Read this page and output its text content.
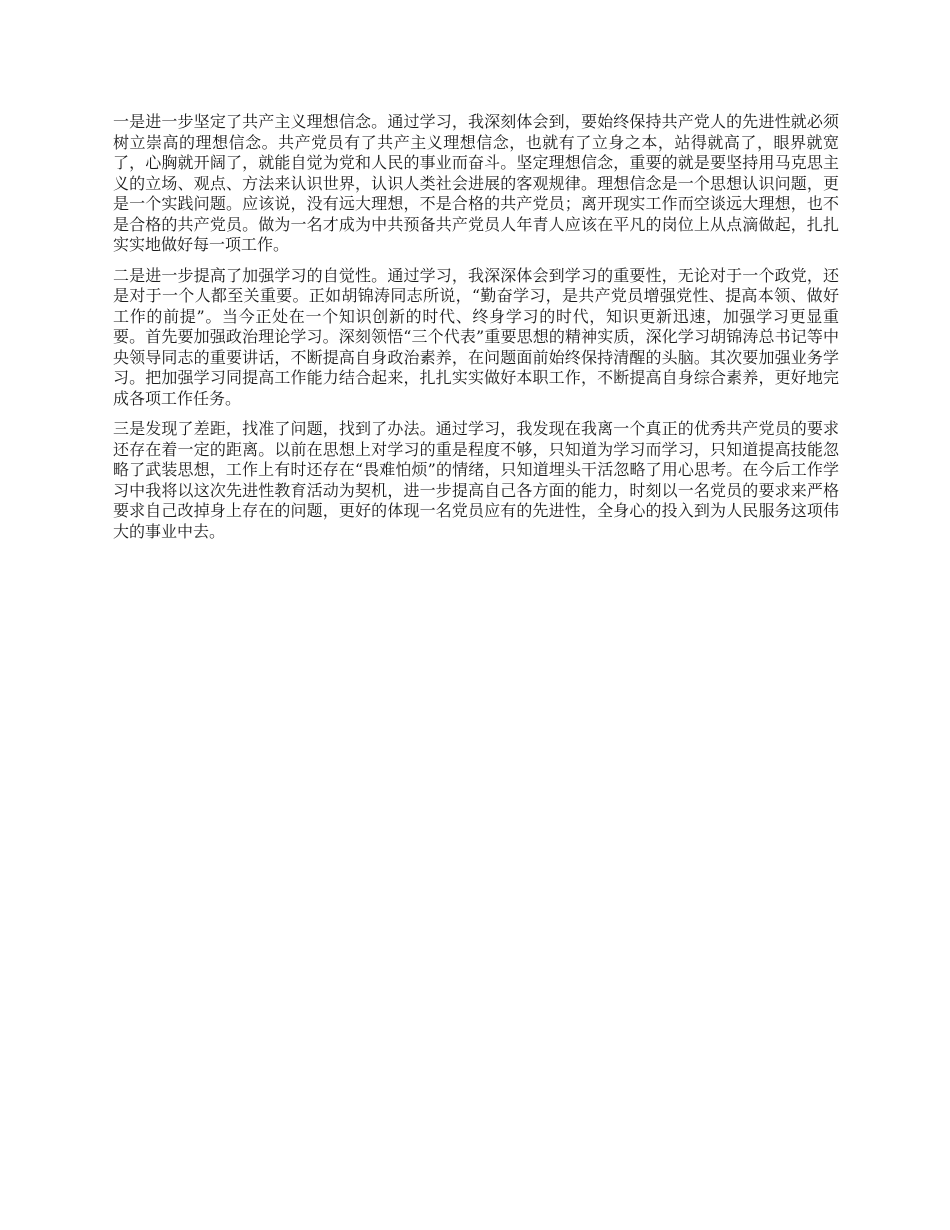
一是进一步坚定了共产主义理想信念。通过学习，我深刻体会到，要始终保持共产党人的先进性就必须树立崇高的理想信念。共产党员有了共产主义理想信念，也就有了立身之本，站得就高了，眼界就宽了，心胸就开阔了，就能自觉为党和人民的事业而奋斗。坚定理想信念，重要的就是要坚持用马克思主义的立场、观点、方法来认识世界，认识人类社会进展的客观规律。理想信念是一个思想认识问题，更是一个实践问题。应该说，没有远大理想，不是合格的共产党员；离开现实工作而空谈远大理想，也不是合格的共产党员。做为一名才成为中共预备共产党员人年青人应该在平凡的岗位上从点滴做起，扎扎实实地做好每一项工作。

二是进一步提高了加强学习的自觉性。通过学习，我深深体会到学习的重要性，无论对于一个政党，还是对于一个人都至关重要。正如胡锦涛同志所说，“勤奋学习，是共产党员增强党性、提高本领、做好工作的前提”。当今正处在一个知识创新的时代、终身学习的时代，知识更新迅速，加强学习更显重要。首先要加强政治理论学习。深刻领悟“三个代表”重要思想的精神实质，深化学习胡锦涛总书记等中央领导同志的重要讲话，不断提高自身政治素养，在问题面前始终保持清醒的头脑。其次要加强业务学习。把加强学习同提高工作能力结合起来，扎扎实实做好本职工作，不断提高自身综合素养，更好地完成各项工作任务。

三是发现了差距，找准了问题，找到了办法。通过学习，我发现在我离一个真正的优秀共产党员的要求还存在着一定的距离。以前在思想上对学习的重是程度不够，只知道为学习而学习，只知道提高技能忽略了武装思想，工作上有时还存在“畏难怕烦”的情绪，只知道埋头干活忽略了用心思考。在今后工作学习中我将以这次先进性教育活动为契机，进一步提高自己各方面的能力，时刻以一名党员的要求来严格要求自己改掉身上存在的问题，更好的体现一名党员应有的先进性，全身心的投入到为人民服务这项伟大的事业中去。
